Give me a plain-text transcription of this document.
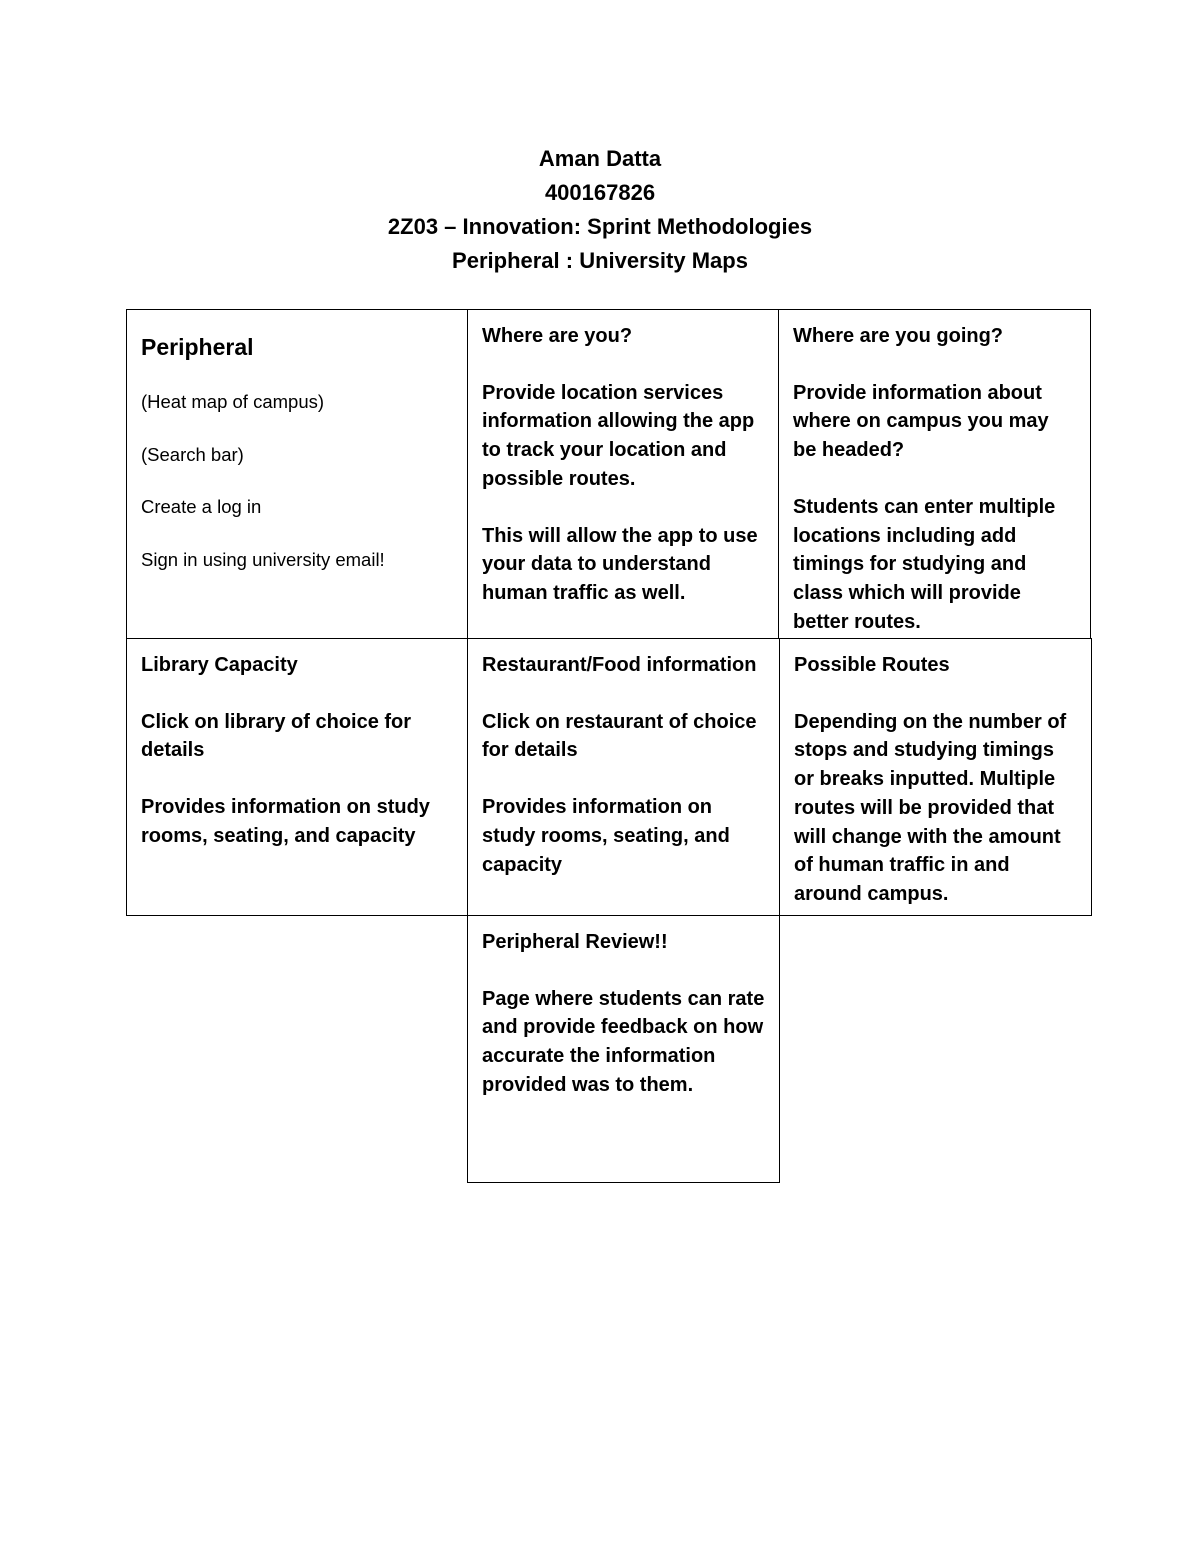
Aman Datta
400167826
2Z03 – Innovation: Sprint Methodologies
Peripheral : University Maps

Peripheral

(Heat map of campus)

(Search bar)

Create a log in

Sign in using university email!

Where are you?

Provide location services information allowing the app to track your location and possible routes.

This will allow the app to use your data to understand human traffic as well.

Where are you going?

Provide information about where on campus you may be headed?

Students can enter multiple locations including add timings for studying and class which will provide better routes.

Library Capacity

Click on library of choice for details

Provides information on study rooms, seating, and capacity

Restaurant/Food information

Click on restaurant of choice for details

Provides information on study rooms, seating, and capacity

Possible Routes

Depending on the number of stops and studying timings or breaks inputted. Multiple routes will be provided that will change with the amount of human traffic in and around campus.

Peripheral Review!!

Page where students can rate and provide feedback on how accurate the information provided was to them.
